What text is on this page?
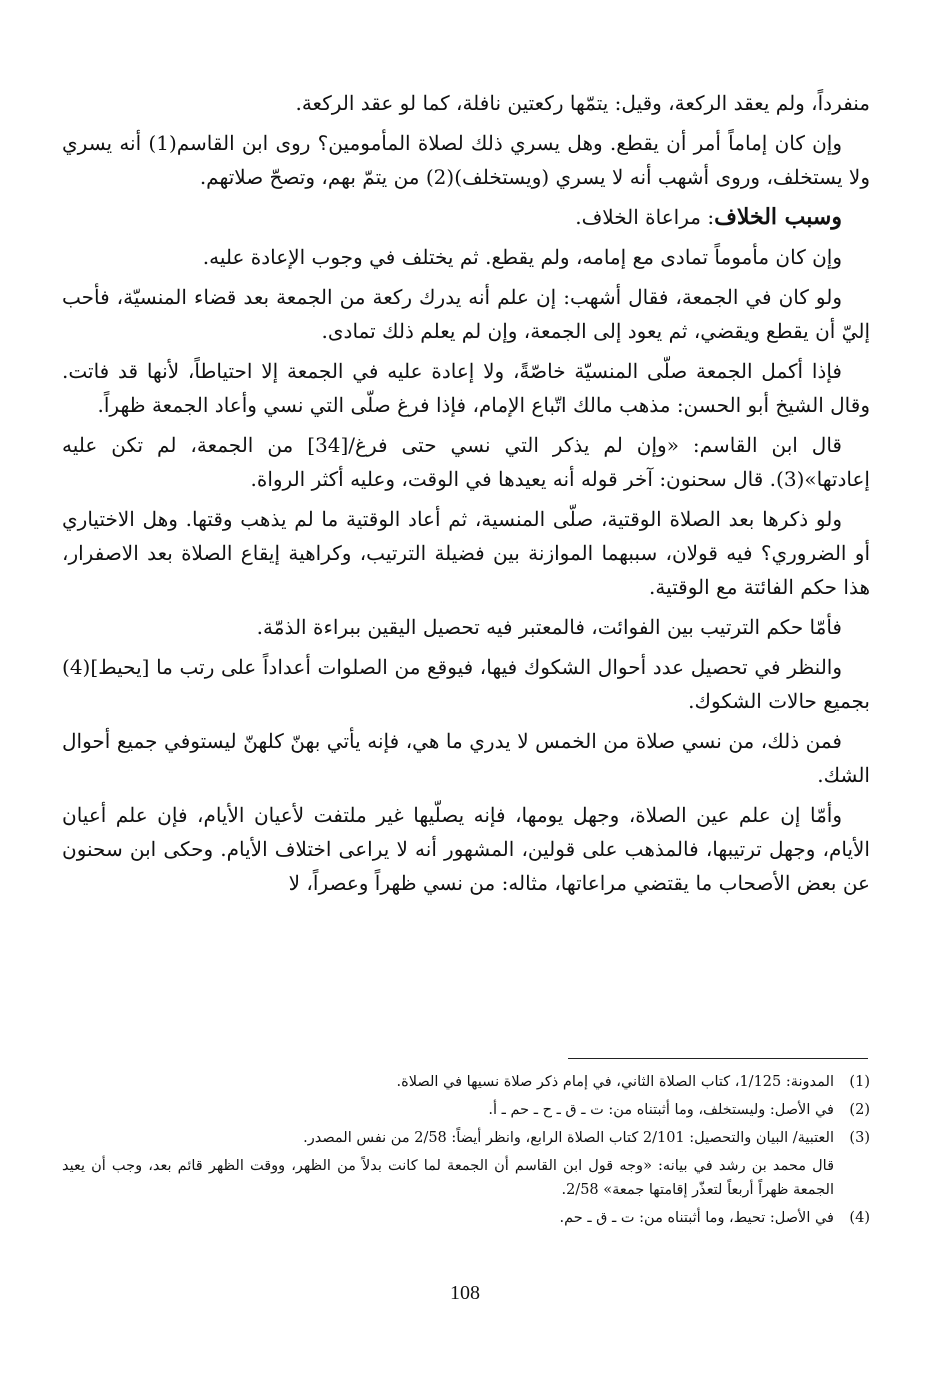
منفرداً، ولم يعقد الركعة، وقيل: يتمّها ركعتين نافلة، كما لو عقد الركعة.

وإن كان إماماً أمر أن يقطع. وهل يسري ذلك لصلاة المأمومين؟ روى ابن القاسم(1) أنه يسري ولا يستخلف، وروى أشهب أنه لا يسري (ويستخلف)(2) من يتمّ بهم، وتصحّ صلاتهم.

وسبب الخلاف: مراعاة الخلاف.

وإن كان مأموماً تمادى مع إمامه، ولم يقطع. ثم يختلف في وجوب الإعادة عليه.

ولو كان في الجمعة، فقال أشهب: إن علم أنه يدرك ركعة من الجمعة بعد قضاء المنسيّة، فأحب إليّ أن يقطع ويقضي، ثم يعود إلى الجمعة، وإن لم يعلم ذلك تمادى.

فإذا أكمل الجمعة صلّى المنسيّة خاصّةً، ولا إعادة عليه في الجمعة إلا احتياطاً، لأنها قد فاتت. وقال الشيخ أبو الحسن: مذهب مالك اتّباع الإمام، فإذا فرغ صلّى التي نسي وأعاد الجمعة ظهراً.

قال ابن القاسم: «وإن لم يذكر التي نسي حتى فرغ/[34] من الجمعة، لم تكن عليه إعادتها»(3). قال سحنون: آخر قوله أنه يعيدها في الوقت، وعليه أكثر الرواة.

ولو ذكرها بعد الصلاة الوقتية، صلّى المنسية، ثم أعاد الوقتية ما لم يذهب وقتها. وهل الاختياري أو الضروري؟ فيه قولان، سببهما الموازنة بين فضيلة الترتيب، وكراهية إيقاع الصلاة بعد الاصفرار، هذا حكم الفائتة مع الوقتية.

فأمّا حكم الترتيب بين الفوائت، فالمعتبر فيه تحصيل اليقين ببراءة الذمّة.

والنظر في تحصيل عدد أحوال الشكوك فيها، فيوقع من الصلوات أعداداً على رتب ما [يحيط](4) بجميع حالات الشكوك.

فمن ذلك، من نسي صلاة من الخمس لا يدري ما هي، فإنه يأتي بهنّ كلهنّ ليستوفي جميع أحوال الشك.

وأمّا إن علم عين الصلاة، وجهل يومها، فإنه يصلّيها غير ملتفت لأعيان الأيام، فإن علم أعيان الأيام، وجهل ترتيبها، فالمذهب على قولين، المشهور أنه لا يراعى اختلاف الأيام. وحكى ابن سحنون عن بعض الأصحاب ما يقتضي مراعاتها، مثاله: من نسي ظهراً وعصراً، لا

(1)
المدونة: 1/125، كتاب الصلاة الثاني، في إمام ذكر صلاة نسيها في الصلاة.
(2)
في الأصل: وليستخلف، وما أثبتناه من: ت ـ ق ـ ح ـ حم ـ أ.
(3)
العتبية/ البيان والتحصيل: 2/101 كتاب الصلاة الرابع، وانظر أيضاً: 2/58 من نفس المصدر.
قال محمد بن رشد في بيانه: «وجه قول ابن القاسم أن الجمعة لما كانت بدلاً من الظهر، ووقت الظهر قائم بعد، وجب أن يعيد الجمعة ظهراً أربعاً لتعذّر إقامتها جمعة» 2/58.
(4)
في الأصل: تحيط، وما أثبتناه من: ت ـ ق ـ حم.
108
